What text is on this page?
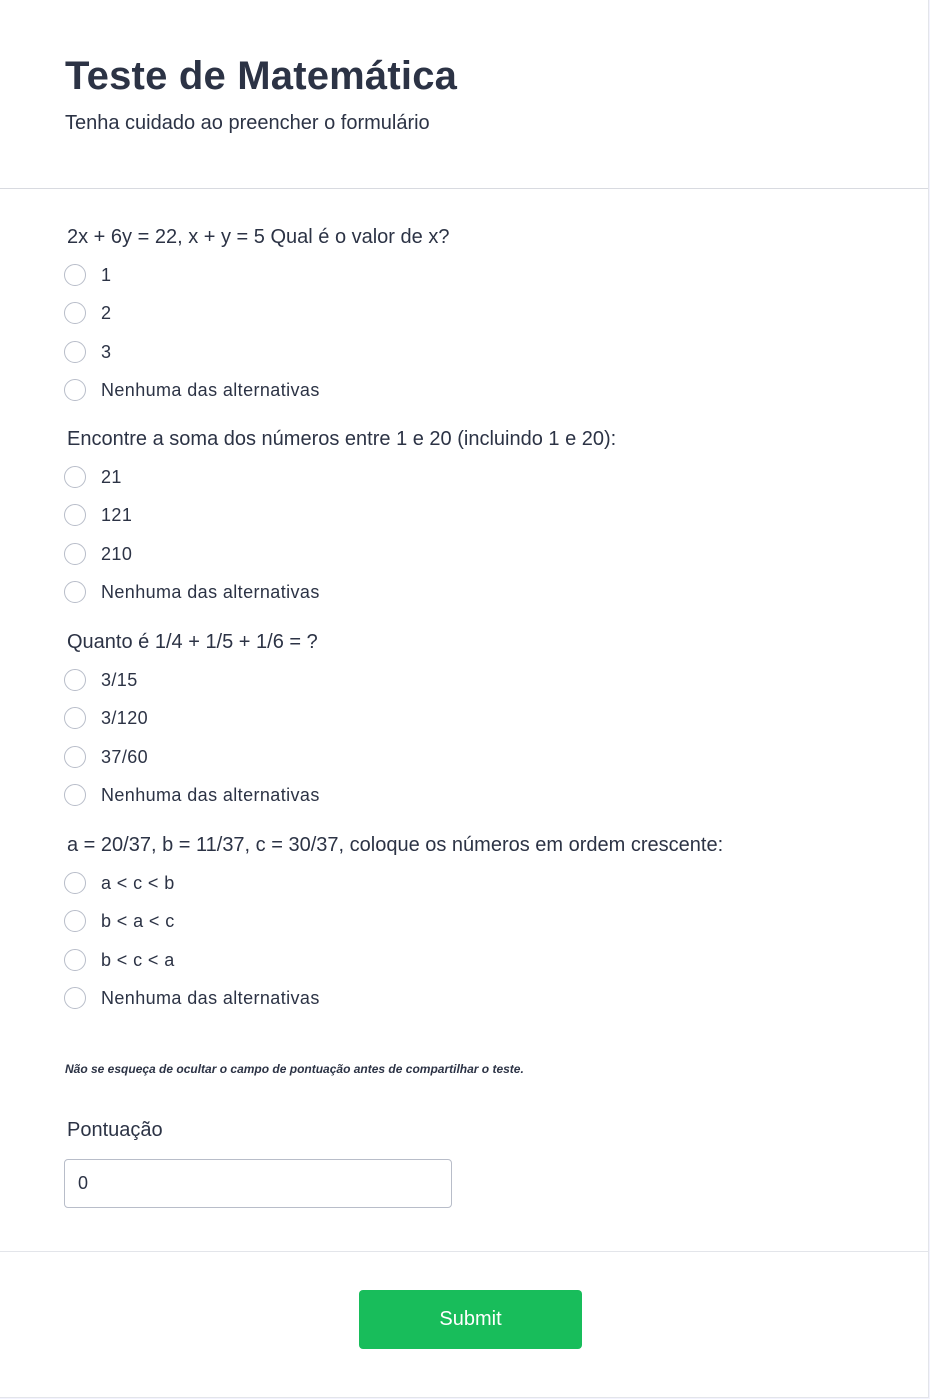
Teste de Matemática

Tenha cuidado ao preencher o formulário

2x + 6y = 22, x + y = 5 Qual é o valor de x?

1
2
3
Nenhuma das alternativas

Encontre a soma dos números entre 1 e 20 (incluindo 1 e 20):

21
121
210
Nenhuma das alternativas

Quanto é 1/4 + 1/5 + 1/6 = ?

3/15
3/120
37/60
Nenhuma das alternativas

a = 20/37, b = 11/37, c = 30/37, coloque os números em ordem crescente:

a < c < b
b < a < c
b < c < a
Nenhuma das alternativas

Não se esqueça de ocultar o campo de pontuação antes de compartilhar o teste.

Pontuação

0
Submit
